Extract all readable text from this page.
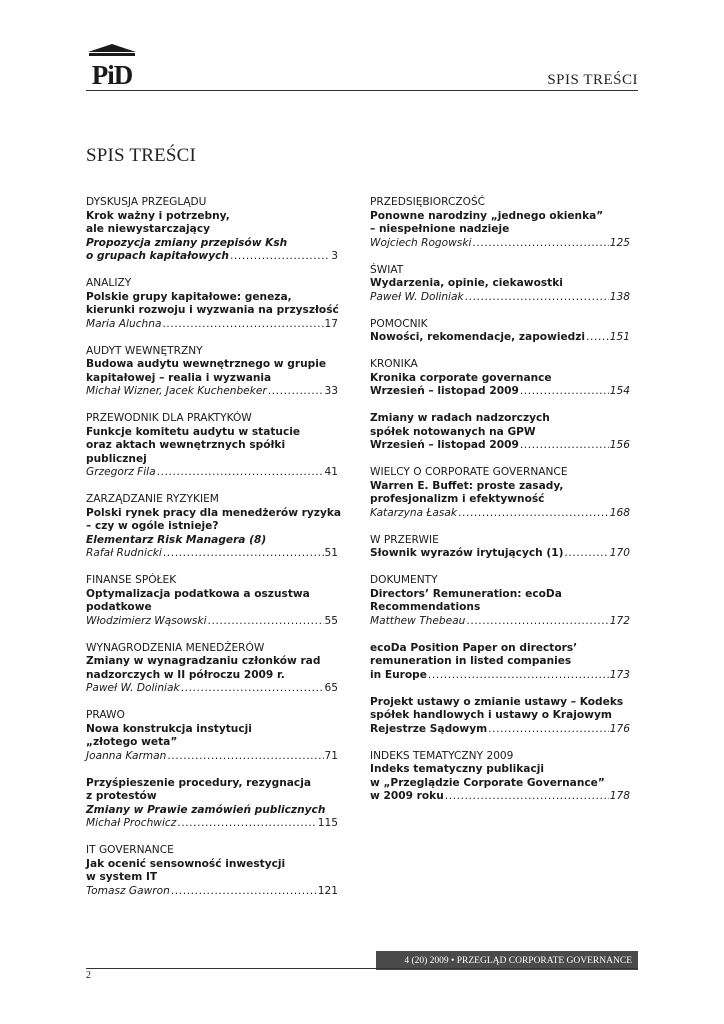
PiD	SPIS TREŚCI
SPIS TREŚCI
DYSKUSJA PRZEGLĄDU
Krok ważny i potrzebny,
ale niewystarczający
Propozycja zmiany przepisów Ksh
o grupach kapitałowych .....	3
ANALIZY
Polskie grupy kapitałowe: geneza,
kierunki rozwoju i wyzwania na przyszłość
Maria Aluchna .....	17
AUDYT WEWNĘTRZNY
Budowa audytu wewnętrznego w grupie
kapitałowej – realia i wyzwania
Michał Wizner, Jacek Kuchenbeker .....	33
PRZEWODNIK DLA PRAKTYKÓW
Funkcje komitetu audytu w statucie
oraz aktach wewnętrznych spółki
publicznej
Grzegorz Fila .....	41
ZARZĄDZANIE RYZYKIEM
Polski rynek pracy dla menedżerów ryzyka
– czy w ogóle istnieje?
Elementarz Risk Managera (8)
Rafał Rudnicki .....	51
FINANSE SPÓŁEK
Optymalizacja podatkowa a oszustwa
podatkowe
Włodzimierz Wąsowski .....	55
WYNAGRODZENIA MENEDŻERÓW
Zmiany w wynagradzaniu członków rad
nadzorczych w II półroczu 2009 r.
Paweł W. Doliniak .....	65
PRAWO
Nowa konstrukcja instytucji
„złotego weta”
Joanna Karman .....	71
Przyśpieszenie procedury, rezygnacja
z protestów
Zmiany w Prawie zamówień publicznych
Michał Prochwicz .....	115
IT GOVERNANCE
Jak ocenić sensowność inwestycji
w system IT
Tomasz Gawron .....	121
PRZEDSIĘBIORCZOŚĆ
Ponowne narodziny „jednego okienka”
– niespełnione nadzieje
Wojciech Rogowski .....	125
ŚWIAT
Wydarzenia, opinie, ciekawostki
Paweł W. Doliniak .....	138
POMOCNIK
Nowości, rekomendacje, zapowiedzi ..... 151
KRONIKA
Kronika corporate governance
Wrzesień – listopad 2009 .....	154
Zmiany w radach nadzorczych
spółek notowanych na GPW
Wrzesień – listopad 2009 .....	156
WIELCY O CORPORATE GOVERNANCE
Warren E. Buffet: proste zasady,
profesjonalizm i efektywność
Katarzyna Łasak .....	168
W PRZERWIE
Słownik wyrazów irytujących (1) .....	170
DOKUMENTY
Directors’ Remuneration: ecoDa
Recommendations
Matthew Thebeau .....	172
ecoDa Position Paper on directors’
remuneration in listed companies
in Europe .....	173
Projekt ustawy o zmianie ustawy – Kodeks
spółek handlowych i ustawy o Krajowym
Rejestrze Sądowym .....	176
INDEKS TEMATYCZNY 2009
Indeks tematyczny publikacji
w „Przeglądzie Corporate Governance”
w 2009 roku .....	178
4 (20) 2009 • PRZEGLĄD CORPORATE GOVERNANCE
2
